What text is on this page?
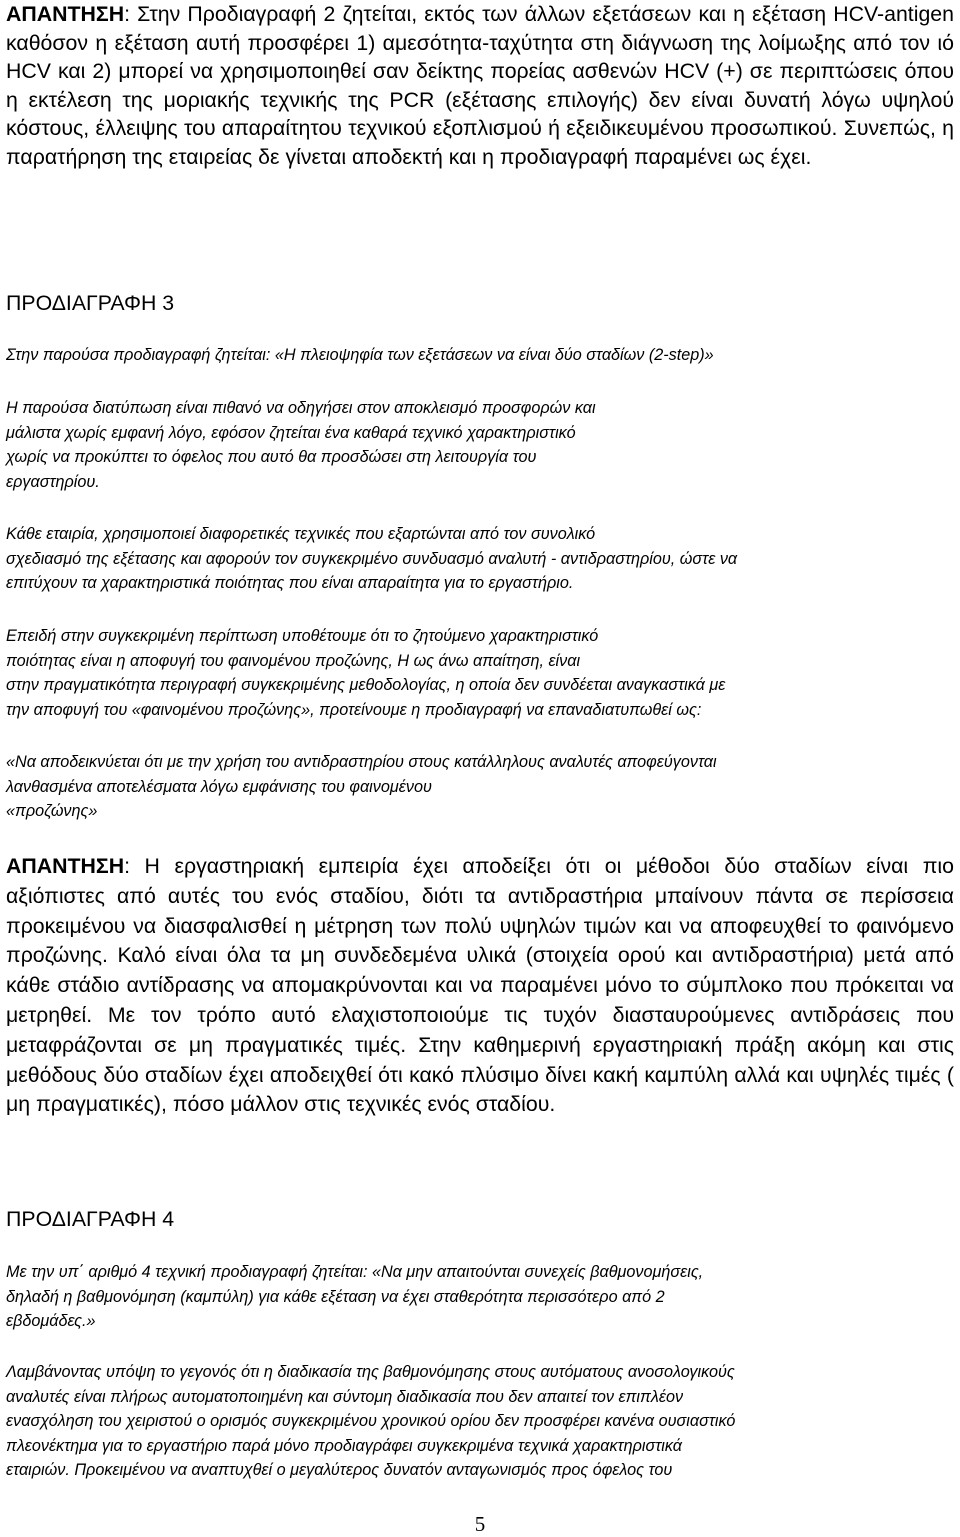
ΑΠΑΝΤΗΣΗ: Στην Προδιαγραφή 2 ζητείται, εκτός των άλλων εξετάσεων και η εξέταση HCV-antigen καθόσον η εξέταση αυτή προσφέρει 1) αμεσότητα-ταχύτητα στη διάγνωση της λοίμωξης από τον ιό HCV και 2) μπορεί να χρησιμοποιηθεί σαν δείκτης πορείας ασθενών HCV (+) σε περιπτώσεις όπου η εκτέλεση της μοριακής τεχνικής της PCR (εξέτασης επιλογής) δεν είναι δυνατή λόγω υψηλού κόστους, έλλειψης του απαραίτητου τεχνικού εξοπλισμού ή εξειδικευμένου προσωπικού. Συνεπώς, η παρατήρηση της εταιρείας δε γίνεται αποδεκτή και η προδιαγραφή παραμένει ως έχει.

ΠΡΟΔΙΑΓΡΑΦΗ 3
Στην παρούσα προδιαγραφή ζητείται: «Η πλειοψηφία των εξετάσεων να είναι δύο σταδίων (2-step)»
Η παρούσα διατύπωση είναι πιθανό να οδηγήσει στον αποκλεισμό προσφορών και
μάλιστα χωρίς εμφανή λόγο, εφόσον ζητείται ένα καθαρά τεχνικό χαρακτηριστικό
χωρίς να προκύπτει το όφελος που αυτό θα προσδώσει στη λειτουργία του
εργαστηρίου.
Κάθε εταιρία, χρησιμοποιεί διαφορετικές τεχνικές που εξαρτώνται από τον συνολικό
σχεδιασμό της εξέτασης και αφορούν τον συγκεκριμένο συνδυασμό αναλυτή - αντιδραστηρίου, ώστε να
επιτύχουν τα χαρακτηριστικά ποιότητας που είναι απαραίτητα για το εργαστήριο.
Επειδή στην συγκεκριμένη περίπτωση υποθέτουμε ότι το ζητούμενο χαρακτηριστικό
ποιότητας είναι η αποφυγή του φαινομένου προζώνης, Η ως άνω απαίτηση, είναι
στην πραγματικότητα περιγραφή συγκεκριμένης μεθοδολογίας, η οποία δεν συνδέεται αναγκαστικά με
την αποφυγή του «φαινομένου προζώνης», προτείνουμε η προδιαγραφή να επαναδιατυπωθεί ως:
«Να αποδεικνύεται ότι με την χρήση του αντιδραστηρίου στους κατάλληλους αναλυτές αποφεύγονται
λανθασμένα αποτελέσματα λόγω εμφάνισης του φαινομένου
«προζώνης»

ΑΠΑΝΤΗΣΗ: Η εργαστηριακή εμπειρία έχει αποδείξει ότι οι μέθοδοι δύο σταδίων είναι πιο αξιόπιστες από αυτές του ενός σταδίου, διότι τα αντιδραστήρια μπαίνουν πάντα σε περίσσεια προκειμένου να διασφαλισθεί η μέτρηση των πολύ υψηλών τιμών και να αποφευχθεί το φαινόμενο προζώνης. Καλό είναι όλα τα μη συνδεδεμένα υλικά (στοιχεία ορού και αντιδραστήρια) μετά από κάθε στάδιο αντίδρασης να απομακρύνονται και να παραμένει μόνο το σύμπλοκο που πρόκειται να μετρηθεί. Με τον τρόπο αυτό ελαχιστοποιούμε τις τυχόν διασταυρούμενες αντιδράσεις που μεταφράζονται σε μη πραγματικές τιμές. Στην καθημερινή εργαστηριακή πράξη ακόμη και στις μεθόδους δύο σταδίων έχει αποδειχθεί ότι κακό πλύσιμο δίνει κακή καμπύλη αλλά και υψηλές τιμές ( μη πραγματικές), πόσο μάλλον στις τεχνικές ενός σταδίου.

ΠΡΟΔΙΑΓΡΑΦΗ 4
Με την υπ΄ αριθμό 4 τεχνική προδιαγραφή ζητείται: «Να μην απαιτούνται συνεχείς βαθμονομήσεις,
δηλαδή η βαθμονόμηση (καμπύλη) για κάθε εξέταση να έχει σταθερότητα περισσότερο από 2
εβδομάδες.»
Λαμβάνοντας υπόψη το γεγονός ότι η διαδικασία της βαθμονόμησης στους αυτόματους ανοσολογικούς
αναλυτές είναι πλήρως αυτοματοποιημένη και σύντομη διαδικασία που δεν απαιτεί τον επιπλέον
ενασχόληση του χειριστού ο ορισμός συγκεκριμένου χρονικού ορίου δεν προσφέρει κανένα ουσιαστικό
πλεονέκτημα για το εργαστήριο παρά μόνο προδιαγράφει συγκεκριμένα τεχνικά χαρακτηριστικά
εταιριών. Προκειμένου να αναπτυχθεί ο μεγαλύτερος δυνατόν ανταγωνισμός προς όφελος του
5
